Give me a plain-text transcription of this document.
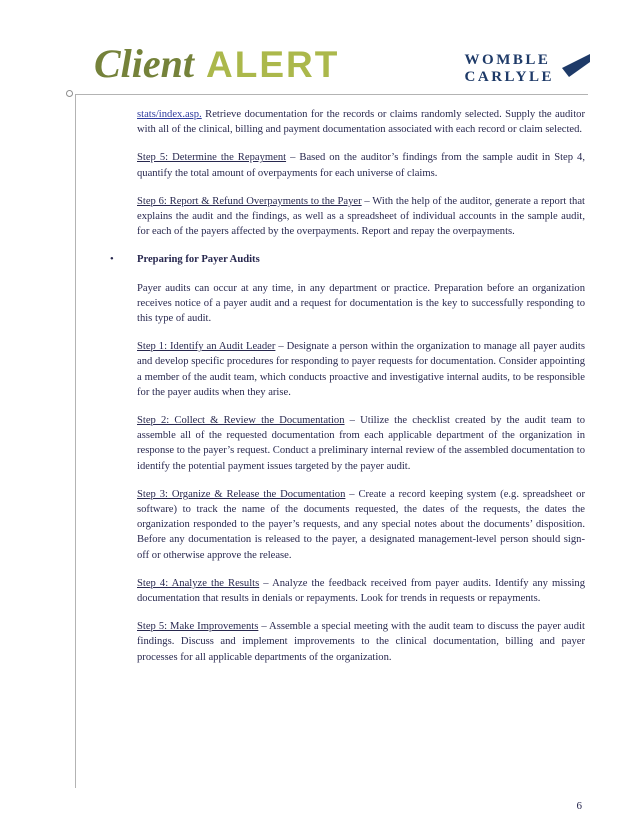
Client ALERT	WOMBLE
CARLYLE

stats/index.asp. Retrieve documentation for the records or claims randomly selected. Supply the auditor with all of the clinical, billing and payment documentation associated with each record or claim selected.

Step 5: Determine the Repayment – Based on the auditor’s findings from the sample audit in Step 4, quantify the total amount of overpayments for each universe of claims.

Step 6: Report & Refund Overpayments to the Payer – With the help of the auditor, generate a report that explains the audit and the findings, as well as a spreadsheet of individual accounts in the sample audit, for each of the payers affected by the overpayments. Report and repay the overpayments.

• Preparing for Payer Audits

Payer audits can occur at any time, in any department or practice. Preparation before an organization receives notice of a payer audit and a request for documentation is the key to successfully responding to this type of audit.

Step 1: Identify an Audit Leader – Designate a person within the organization to manage all payer audits and develop specific procedures for responding to payer requests for documentation. Consider appointing a member of the audit team, which conducts proactive and investigative internal audits, to be responsible for the payer audits when they arise.

Step 2: Collect & Review the Documentation – Utilize the checklist created by the audit team to assemble all of the requested documentation from each applicable department of the organization in response to the payer’s request. Conduct a preliminary internal review of the assembled documentation to identify the potential payment issues targeted by the payer audit.

Step 3: Organize & Release the Documentation – Create a record keeping system (e.g. spreadsheet or software) to track the name of the documents requested, the dates of the requests, the dates the organization responded to the payer’s requests, and any special notes about the documents’ disposition. Before any documentation is released to the payer, a designated management-level person should sign-off or otherwise approve the release.

Step 4: Analyze the Results – Analyze the feedback received from payer audits. Identify any missing documentation that results in denials or repayments. Look for trends in requests or repayments.

Step 5: Make Improvements – Assemble a special meeting with the audit team to discuss the payer audit findings. Discuss and implement improvements to the clinical documentation, billing and payer processes for all applicable departments of the organization.

6
